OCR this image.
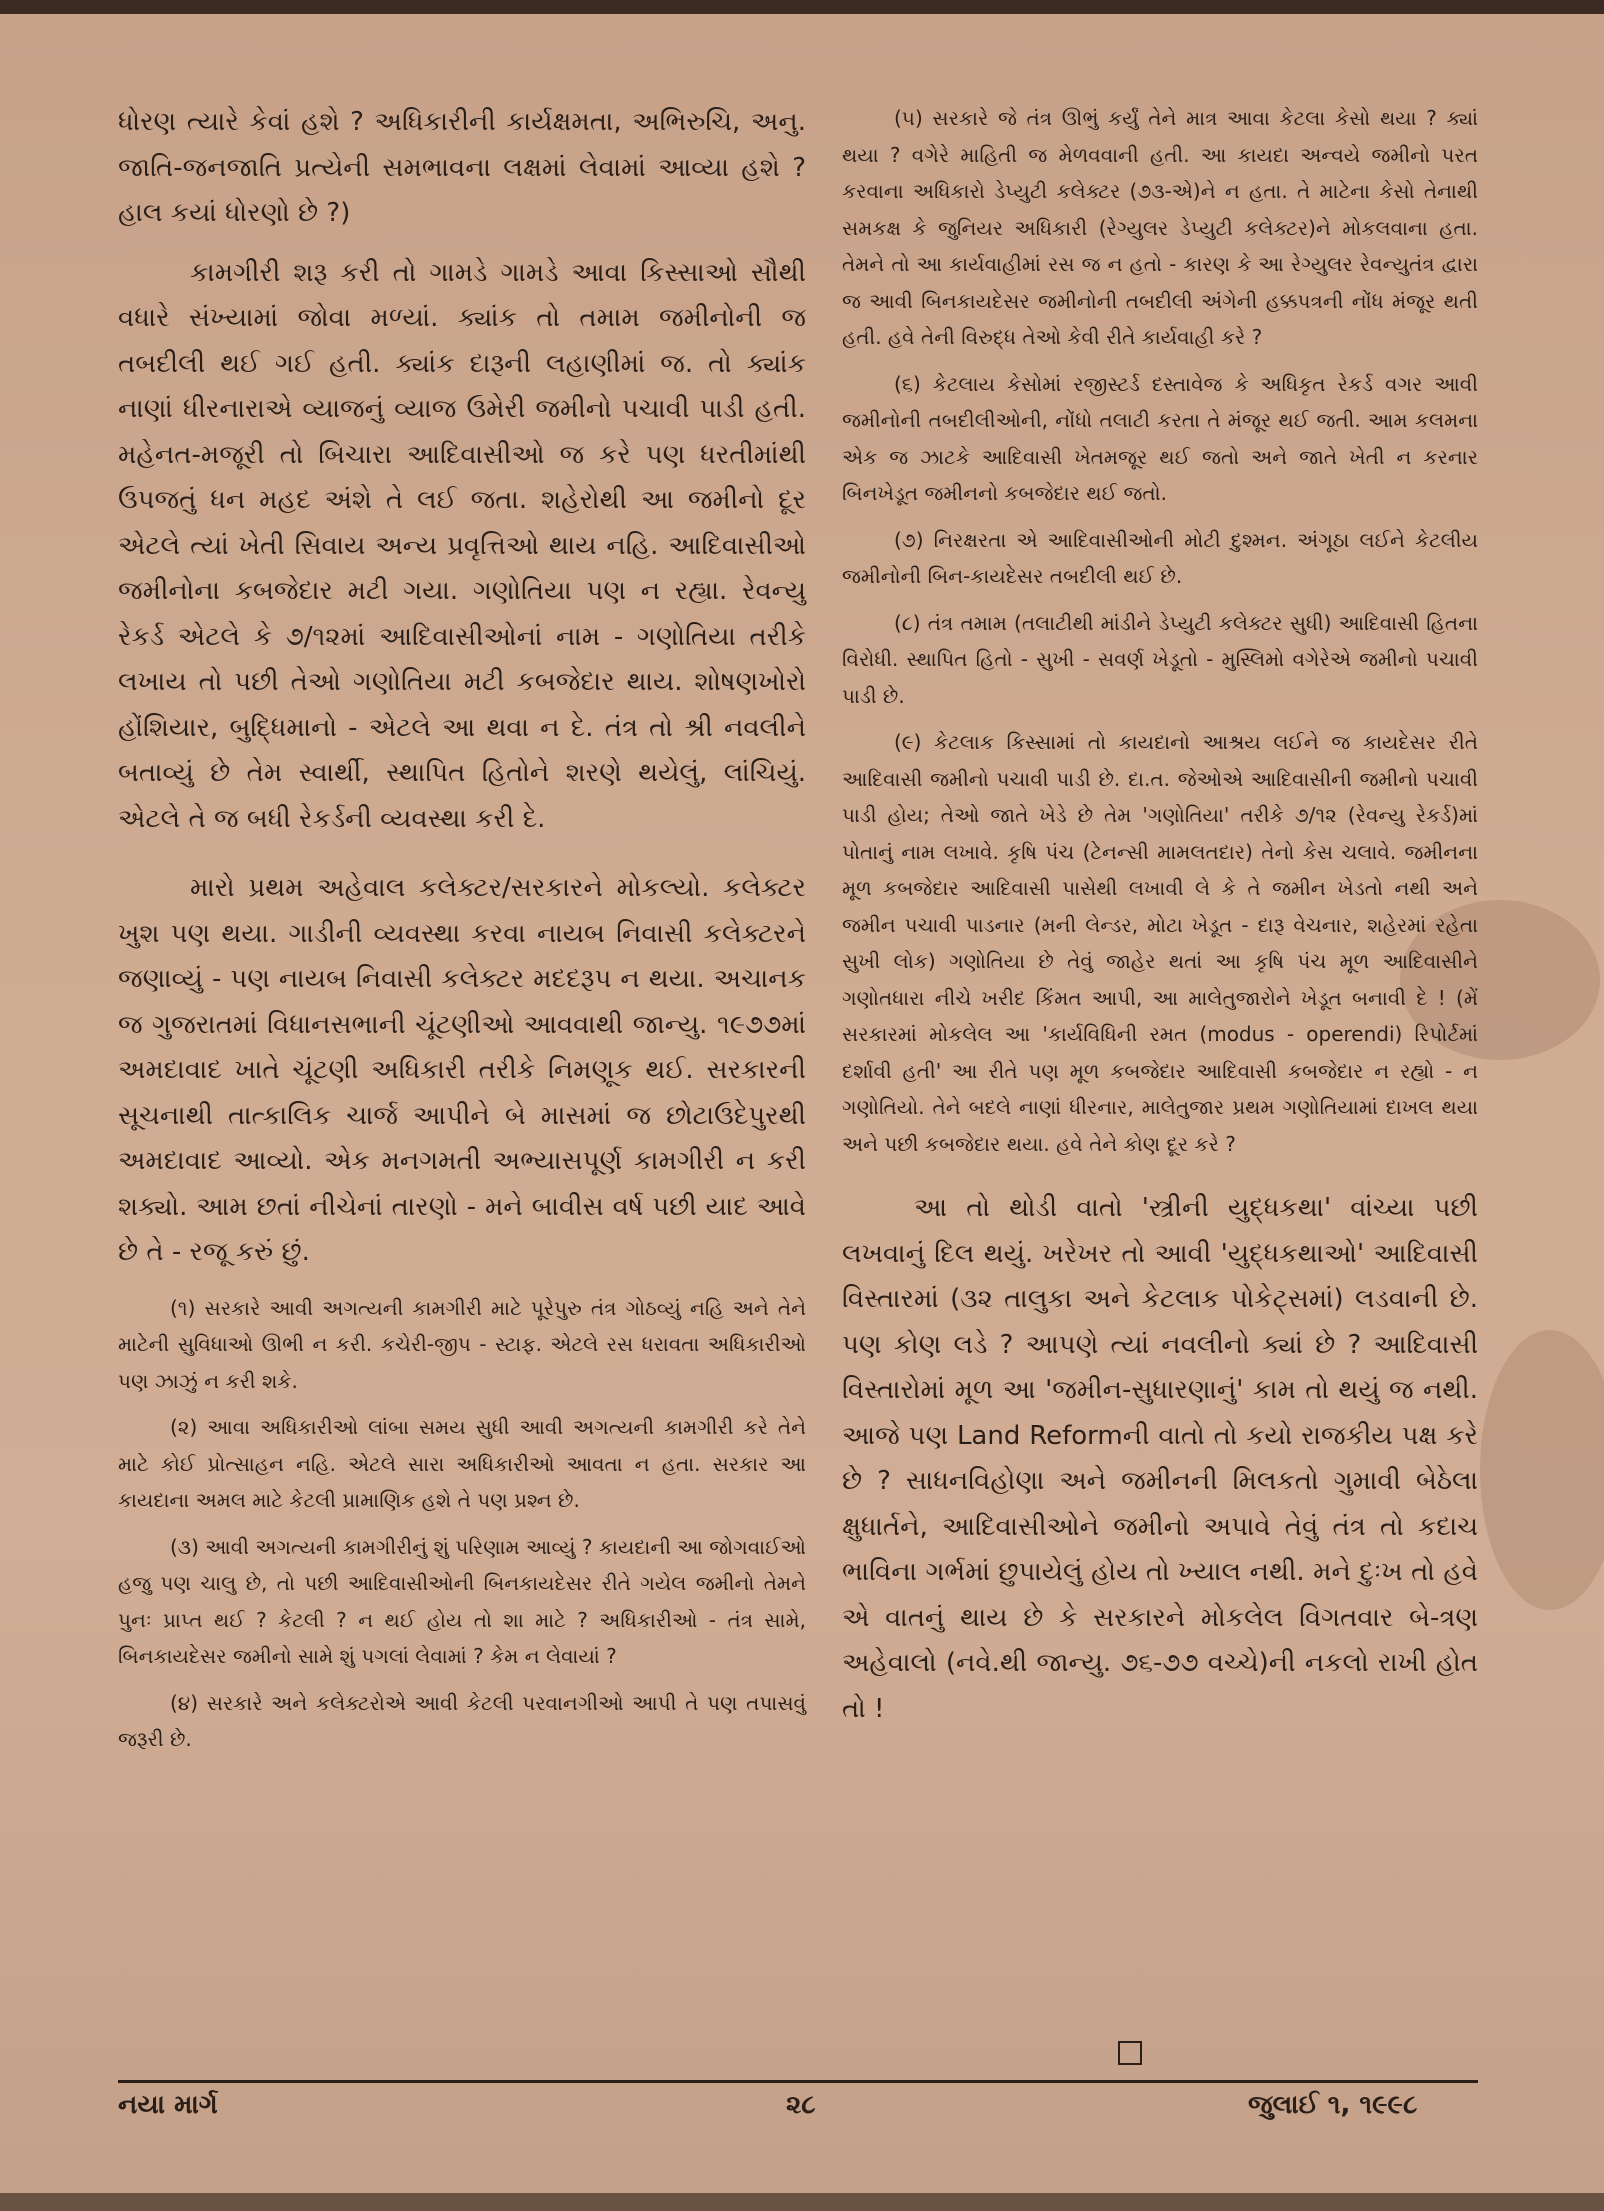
ધોરણ ત્યારે કેવાં હશે ? અધિકારીની કાર્યક્ષમતા, અભિરુચિ, અનુ. જાતિ-જનજાતિ પ્રત્યેની સમભાવના લક્ષમાં લેવામાં આવ્યા હશે ? હાલ કયાં ધોરણો છે ?)

કામગીરી શરૂ કરી તો ગામડે ગામડે આવા કિસ્સાઓ સૌથી વધારે સંખ્યામાં જોવા મળ્યાં. ક્યાંક તો તમામ જમીનોની જ તબદીલી થઈ ગઈ હતી. ક્યાંક દારૂની લહાણીમાં જ. તો ક્યાંક નાણાં ધીરનારાએ વ્યાજનું વ્યાજ ઉમેરી જમીનો પચાવી પાડી હતી. મહેનત-મજૂરી તો બિચારા આદિવાસીઓ જ કરે પણ ધરતીમાંથી ઉપજતું ધન મહદ અંશે તે લઈ જતા. શહેરોથી આ જમીનો દૂર એટલે ત્યાં ખેતી સિવાય અન્ય પ્રવૃત્તિઓ થાય નહિ. આદિવાસીઓ જમીનોના કબજેદાર મટી ગયા. ગણોતિયા પણ ન રહ્યા. રેવન્યુ રેકર્ડ એટલે કે ૭/૧૨માં આદિવાસીઓનાં નામ - ગણોતિયા તરીકે લખાય તો પછી તેઓ ગણોતિયા મટી કબજેદાર થાય. શોષણખોરો હોંશિયાર, બુદ્ધિમાનો - એટલે આ થવા ન દે. તંત્ર તો શ્રી નવલીને બતાવ્યું છે તેમ સ્વાર્થી, સ્થાપિત હિતોને શરણે થયેલું, લાંચિયું. એટલે તે જ બધી રેકર્ડની વ્યવસ્થા કરી દે.

મારો પ્રથમ અહેવાલ કલેક્ટર/સરકારને મોકલ્યો. કલેક્ટર ખુશ પણ થયા. ગાડીની વ્યવસ્થા કરવા નાયબ નિવાસી કલેક્ટરને જણાવ્યું - પણ નાયબ નિવાસી કલેક્ટર મદદરૂપ ન થયા. અચાનક જ ગુજરાતમાં વિધાનસભાની ચૂંટણીઓ આવવાથી જાન્યુ. ૧૯૭૭માં અમદાવાદ ખાતે ચૂંટણી અધિકારી તરીકે નિમણૂક થઈ. સરકારની સૂચનાથી તાત્કાલિક ચાર્જ આપીને બે માસમાં જ છોટાઉદેપુરથી અમદાવાદ આવ્યો. એક મનગમતી અભ્યાસપૂર્ણ કામગીરી ન કરી શક્યો. આમ છતાં નીચેનાં તારણો - મને બાવીસ વર્ષ પછી યાદ આવે છે તે - રજૂ કરું છું.

(૧) સરકારે આવી અગત્યની કામગીરી માટે પૂરેપુરુ તંત્ર ગોઠવ્યું નહિ અને તેને માટેની સુવિધાઓ ઊભી ન કરી. કચેરી-જીપ - સ્ટાફ. એટલે રસ ધરાવતા અધિકારીઓ પણ ઝાઝું ન કરી શકે.

(૨) આવા અધિકારીઓ લાંબા સમય સુધી આવી અગત્યની કામગીરી કરે તેને માટે કોઈ પ્રોત્સાહન નહિ. એટલે સારા અધિકારીઓ આવતા ન હતા. સરકાર આ કાયદાના અમલ માટે કેટલી પ્રામાણિક હશે તે પણ પ્રશ્ન છે.

(૩) આવી અગત્યની કામગીરીનું શું પરિણામ આવ્યું ? કાયદાની આ જોગવાઈઓ હજુ પણ ચાલુ છે, તો પછી આદિવાસીઓની બિનકાયદેસર રીતે ગયેલ જમીનો તેમને પુનઃ પ્રાપ્ત થઈ ? કેટલી ? ન થઈ હોય તો શા માટે ? અધિકારીઓ - તંત્ર સામે, બિનકાયદેસર જમીનો સામે શું પગલાં લેવામાં ? કેમ ન લેવાયાં ?

(૪) સરકારે અને કલેક્ટરોએ આવી કેટલી પરવાનગીઓ આપી તે પણ તપાસવું જરૂરી છે.

(૫) સરકારે જે તંત્ર ઊભું કર્યું તેને માત્ર આવા કેટલા કેસો થયા ? ક્યાં થયા ? વગેરે માહિતી જ મેળવવાની હતી. આ કાયદા અન્વયે જમીનો પરત કરવાના અધિકારો ડેપ્યુટી કલેક્ટર (૭૩-એ)ને ન હતા. તે માટેના કેસો તેનાથી સમકક્ષ કે જુનિયર અધિકારી (રેગ્યુલર ડેપ્યુટી કલેક્ટર)ને મોકલવાના હતા. તેમને તો આ કાર્યવાહીમાં રસ જ ન હતો - કારણ કે આ રેગ્યુલર રેવન્યુતંત્ર દ્વારા જ આવી બિનકાયદેસર જમીનોની તબદીલી અંગેની હક્કપત્રની નોંધ મંજૂર થતી હતી. હવે તેની વિરુદ્ધ તેઓ કેવી રીતે કાર્યવાહી કરે ?

(૬) કેટલાય કેસોમાં રજીસ્ટર્ડ દસ્તાવેજ કે અધિકૃત રેકર્ડ વગર આવી જમીનોની તબદીલીઓની, નોંધો તલાટી કરતા તે મંજૂર થઈ જતી. આમ કલમના એક જ ઝાટકે આદિવાસી ખેતમજૂર થઈ જતો અને જાતે ખેતી ન કરનાર બિનખેડૂત જમીનનો કબજેદાર થઈ જતો.

(૭) નિરક્ષરતા એ આદિવાસીઓની મોટી દુશ્મન. અંગૂઠા લઈને કેટલીય જમીનોની બિન-કાયદેસર તબદીલી થઈ છે.

(૮) તંત્ર તમામ (તલાટીથી માંડીને ડેપ્યુટી કલેક્ટર સુધી) આદિવાસી હિતના વિરોધી. સ્થાપિત હિતો - સુખી - સવર્ણ ખેડૂતો - મુસ્લિમો વગેરેએ જમીનો પચાવી પાડી છે.

(૯) કેટલાક કિસ્સામાં તો કાયદાનો આશ્રય લઈને જ કાયદેસર રીતે આદિવાસી જમીનો પચાવી પાડી છે. દા.ત. જેઓએ આદિવાસીની જમીનો પચાવી પાડી હોય; તેઓ જાતે ખેડે છે તેમ 'ગણોતિયા' તરીકે ૭/૧૨ (રેવન્યુ રેકર્ડ)માં પોતાનું નામ લખાવે. કૃષિ પંચ (ટેનન્સી મામલતદાર) તેનો કેસ ચલાવે. જમીનના મૂળ કબજેદાર આદિવાસી પાસેથી લખાવી લે કે તે જમીન ખેડતો નથી અને જમીન પચાવી પાડનાર (મની લેન્ડર, મોટા ખેડૂત - દારૂ વેચનાર, શહેરમાં રહેતા સુખી લોક) ગણોતિયા છે તેવું જાહેર થતાં આ કૃષિ પંચ મૂળ આદિવાસીને ગણોતધારા નીચે ખરીદ કિંમત આપી, આ માલેતુજારોને ખેડૂત બનાવી દે ! (મેં સરકારમાં મોકલેલ આ 'કાર્યવિધિની રમત (modus - operendi) રિપોર્ટમાં દર્શાવી હતી' આ રીતે પણ મૂળ કબજેદાર આદિવાસી કબજેદાર ન રહ્યો - ન ગણોતિયો. તેને બદલે નાણાં ધીરનાર, માલેતુજાર પ્રથમ ગણોતિયામાં દાખલ થયા અને પછી કબજેદાર થયા. હવે તેને કોણ દૂર કરે ?

આ તો થોડી વાતો 'સ્ત્રીની યુદ્ધકથા' વાંચ્યા પછી લખવાનું દિલ થયું. ખરેખર તો આવી 'યુદ્ધકથાઓ' આદિવાસી વિસ્તારમાં (૩૨ તાલુકા અને કેટલાક પોકેટ્સમાં) લડવાની છે. પણ કોણ લડે ? આપણે ત્યાં નવલીનો ક્યાં છે ? આદિવાસી વિસ્તારોમાં મૂળ આ 'જમીન-સુધારણાનું' કામ તો થયું જ નથી. આજે પણ Land Reformની વાતો તો કયો રાજકીય પક્ષ કરે છે ? સાધનવિહોણા અને જમીનની મિલકતો ગુમાવી બેઠેલા ક્ષુધાર્તને, આદિવાસીઓને જમીનો અપાવે તેવું તંત્ર તો કદાચ ભાવિના ગર્ભમાં છુપાયેલું હોય તો ખ્યાલ નથી. મને દુઃખ તો હવે એ વાતનું થાય છે કે સરકારને મોકલેલ વિગતવાર બે-ત્રણ અહેવાલો (નવે.થી જાન્યુ. ૭૬-૭૭ વચ્ચે)ની નકલો રાખી હોત તો !

નયા માર્ગ	૨૮	જુલાઈ ૧, ૧૯૯૮
